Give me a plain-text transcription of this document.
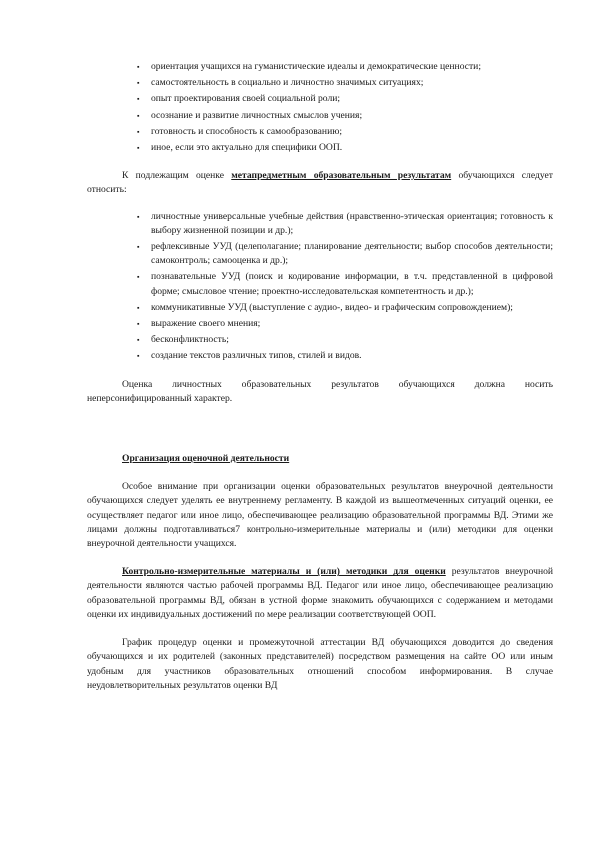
▪ ориентация учащихся на гуманистические идеалы и демократические ценности;
▪ самостоятельность в социально и личностно значимых ситуациях;
▪ опыт проектирования своей социальной роли;
▪ осознание и развитие личностных смыслов учения;
▪ готовность и способность к самообразованию;
▪ иное, если это актуально для специфики ООП.

К подлежащим оценке метапредметным образовательным результатам обучающихся следует относить:

▪ личностные универсальные учебные действия (нравственно-этическая ориентация; готовность к выбору жизненной позиции и др.);
▪ рефлексивные УУД (целеполагание; планирование деятельности; выбор способов деятельности; самоконтроль; самооценка и др.);
▪ познавательные УУД (поиск и кодирование информации, в т.ч. представленной в цифровой форме; смысловое чтение; проектно-исследовательская компетентность и др.);
▪ коммуникативные УУД (выступление с аудио-, видео- и графическим сопровождением);
▪ выражение своего мнения;
▪ бесконфликтность;
▪ создание текстов различных типов, стилей и видов.

Оценка личностных образовательных результатов обучающихся должна носить неперсонифицированный характер.

Организация оценочной деятельности

Особое внимание при организации оценки образовательных результатов внеурочной деятельности обучающихся следует уделять ее внутреннему регламенту. В каждой из вышеотмеченных ситуаций оценки, ее осуществляет педагог или иное лицо, обеспечивающее реализацию образовательной программы ВД. Этими же лицами должны подготавливаться7 контрольно-измерительные материалы и (или) методики для оценки внеурочной деятельности учащихся.

Контрольно-измерительные материалы и (или) методики для оценки результатов внеурочной деятельности являются частью рабочей программы ВД. Педагог или иное лицо, обеспечивающее реализацию образовательной программы ВД, обязан в устной форме знакомить обучающихся с содержанием и методами оценки их индивидуальных достижений по мере реализации соответствующей ООП.

График процедур оценки и промежуточной аттестации ВД обучающихся доводится до сведения обучающихся и их родителей (законных представителей) посредством размещения на сайте ОО или иным удобным для участников образовательных отношений способом информирования. В случае неудовлетворительных результатов оценки ВД
